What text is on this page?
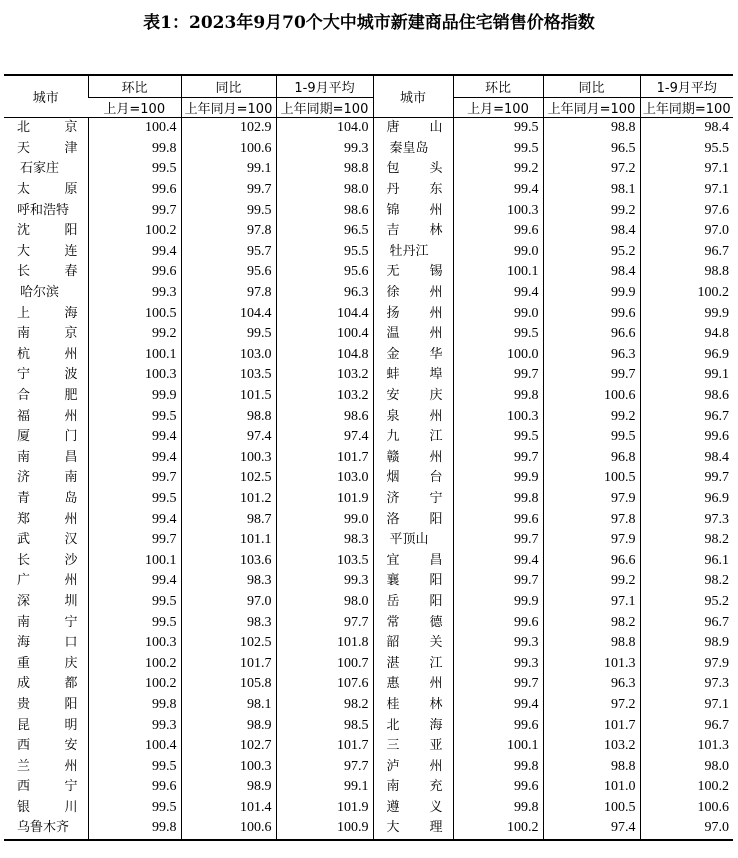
表1：2023年9月70个大中城市新建商品住宅销售价格指数
城市	环比	同比	1-9月平均	城市	环比	同比	1-9月平均
	上月=100	上年同月=100	上年同期=100		上月=100	上年同月=100	上年同期=100

北 京	100.4	102.9	104.0	唐 山	99.5	98.8	98.4

天 津	99.8	100.6	99.3	秦皇岛	99.5	96.5	95.5

石家庄	99.5	99.1	98.8	包 头	99.2	97.2	97.1

太 原	99.6	99.7	98.0	丹 东	99.4	98.1	97.1

呼和浩特	99.7	99.5	98.6	锦 州	100.3	99.2	97.6

沈 阳	100.2	97.8	96.5	吉 林	99.6	98.4	97.0

大 连	99.4	95.7	95.5	牡丹江	99.0	95.2	96.7

长 春	99.6	95.6	95.6	无 锡	100.1	98.4	98.8

哈尔滨	99.3	97.8	96.3	徐 州	99.4	99.9	100.2

上 海	100.5	104.4	104.4	扬 州	99.0	99.6	99.9

南 京	99.2	99.5	100.4	温 州	99.5	96.6	94.8

杭 州	100.1	103.0	104.8	金 华	100.0	96.3	96.9

宁 波	100.3	103.5	103.2	蚌 埠	99.7	99.7	99.1

合 肥	99.9	101.5	103.2	安 庆	99.8	100.6	98.6

福 州	99.5	98.8	98.6	泉 州	100.3	99.2	96.7

厦 门	99.4	97.4	97.4	九 江	99.5	99.5	99.6

南 昌	99.4	100.3	101.7	赣 州	99.7	96.8	98.4

济 南	99.7	102.5	103.0	烟 台	99.9	100.5	99.7

青 岛	99.5	101.2	101.9	济 宁	99.8	97.9	96.9

郑 州	99.4	98.7	99.0	洛 阳	99.6	97.8	97.3

武 汉	99.7	101.1	98.3	平顶山	99.7	97.9	98.2

长 沙	100.1	103.6	103.5	宜 昌	99.4	96.6	96.1

广 州	99.4	98.3	99.3	襄 阳	99.7	99.2	98.2

深 圳	99.5	97.0	98.0	岳 阳	99.9	97.1	95.2

南 宁	99.5	98.3	97.7	常 德	99.6	98.2	96.7

海 口	100.3	102.5	101.8	韶 关	99.3	98.8	98.9

重 庆	100.2	101.7	100.7	湛 江	99.3	101.3	97.9

成 都	100.2	105.8	107.6	惠 州	99.7	96.3	97.3

贵 阳	99.8	98.1	98.2	桂 林	99.4	97.2	97.1

昆 明	99.3	98.9	98.5	北 海	99.6	101.7	96.7

西 安	100.4	102.7	101.7	三 亚	100.1	103.2	101.3

兰 州	99.5	100.3	97.7	泸 州	99.8	98.8	98.0

西 宁	99.6	98.9	99.1	南 充	99.6	101.0	100.2

银 川	99.5	101.4	101.9	遵 义	99.8	100.5	100.6

乌鲁木齐	99.8	100.6	100.9	大 理	100.2	97.4	97.0
